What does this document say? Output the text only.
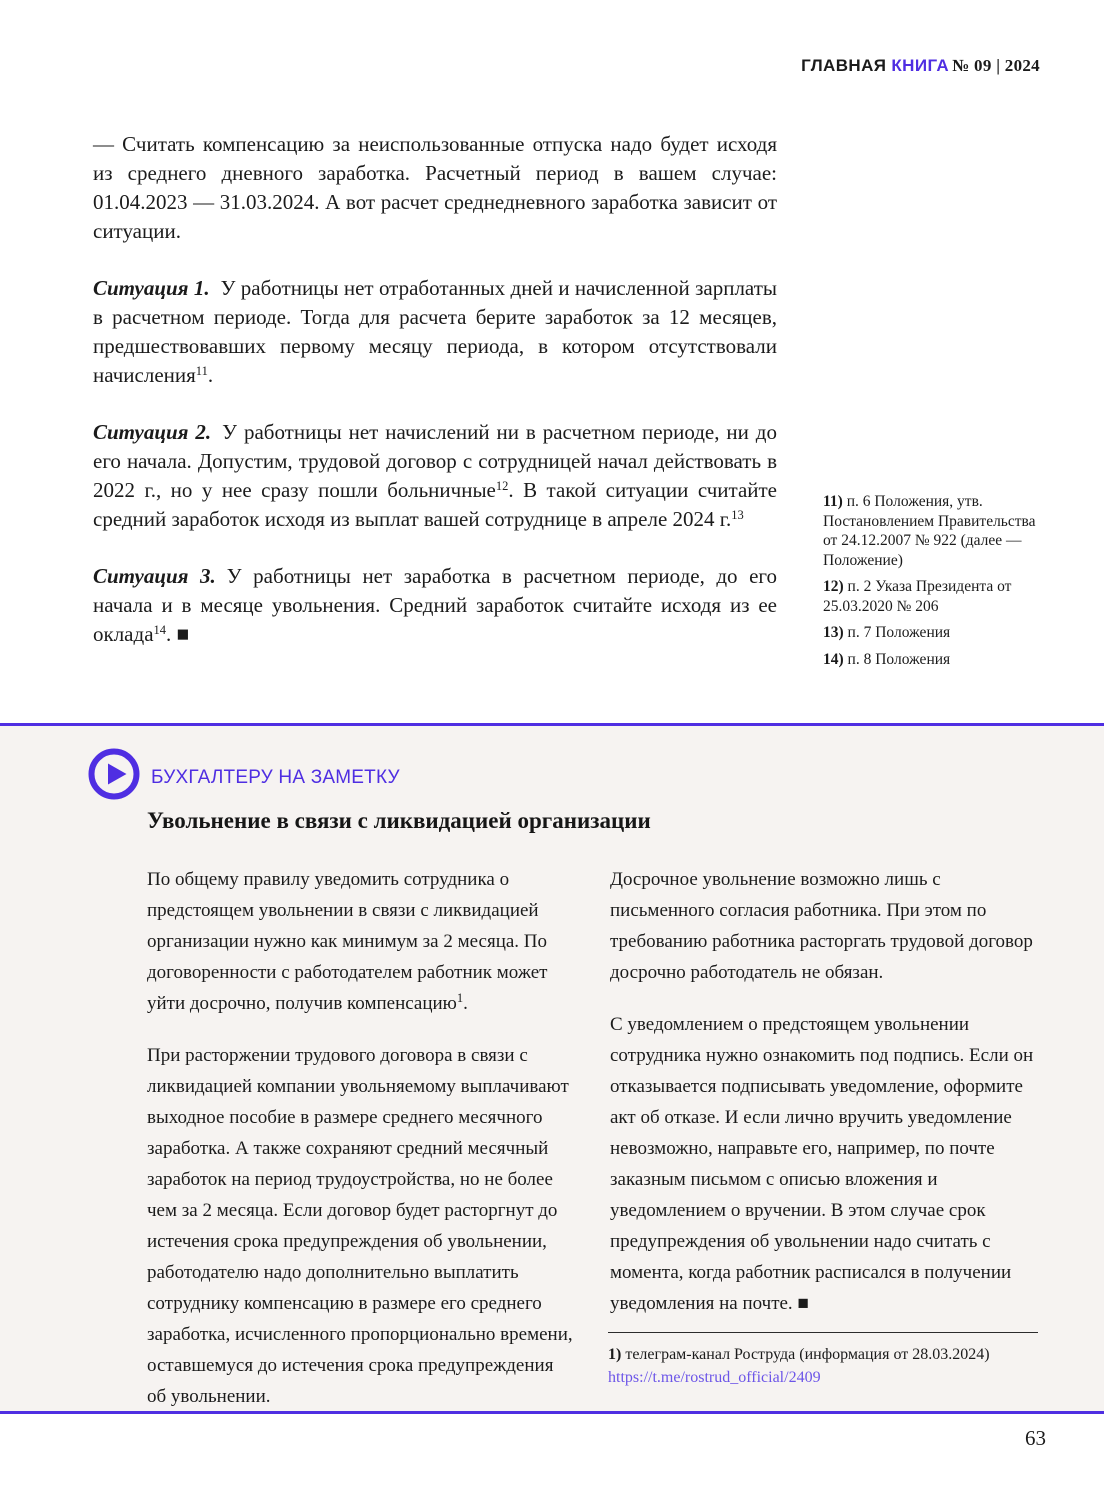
ГЛАВНАЯ КНИГА № 09 | 2024

— Считать компенсацию за неиспользованные отпуска надо будет исходя из среднего дневного заработка. Расчетный период в вашем случае: 01.04.2023 — 31.03.2024. А вот расчет среднедневного заработка зависит от ситуации.

Ситуация 1. У работницы нет отработанных дней и начисленной зарплаты в расчетном периоде. Тогда для расчета берите заработок за 12 месяцев, предшествовавших первому месяцу периода, в котором отсутствовали начисления$^{11}$.

Ситуация 2. У работницы нет начислений ни в расчетном периоде, ни до его начала. Допустим, трудовой договор с сотрудницей начал действовать в 2022 г., но у нее сразу пошли больничные$^{12}$. В такой ситуации считайте средний заработок исходя из выплат вашей сотруднице в апреле 2024 г.$^{13}$

Ситуация 3. У работницы нет заработка в расчетном периоде, до его начала и в месяце увольнения. Средний заработок считайте исходя из ее оклада$^{14}$. ■

11) п. 6 Положения, утв. Постановлением Правительства от 24.12.2007 № 922 (далее — Положение)

12) п. 2 Указа Президента от 25.03.2020 № 206

13) п. 7 Положения

14) п. 8 Положения

БУХГАЛТЕРУ НА ЗАМЕТКУ
Увольнение в связи с ликвидацией организации

По общему правилу уведомить сотрудника о предстоящем увольнении в связи с ликвидацией организации нужно как минимум за 2 месяца. По договоренности с работодателем работник может уйти досрочно, получив компенсацию$^1$.

При расторжении трудового договора в связи с ликвидацией компании увольняемому выплачивают выходное пособие в размере среднего месячного заработка. А также сохраняют средний месячный заработок на период трудоустройства, но не более чем за 2 месяца. Если договор будет расторгнут до истечения срока предупреждения об увольнении, работодателю надо дополнительно выплатить сотруднику компенсацию в размере его среднего заработка, исчисленного пропорционально времени, оставшемуся до истечения срока предупреждения об увольнении.

Досрочное увольнение возможно лишь с письменного согласия работника. При этом по требованию работника расторгать трудовой договор досрочно работодатель не обязан.

С уведомлением о предстоящем увольнении сотрудника нужно ознакомить под подпись. Если он отказывается подписывать уведомление, оформите акт об отказе. И если лично вручить уведомление невозможно, направьте его, например, по почте заказным письмом с описью вложения и уведомлением о вручении. В этом случае срок предупреждения об увольнении надо считать с момента, когда работник расписался в получении уведомления на почте. ■

1) телеграм-канал Роструда (информация от 28.03.2024)
https://t.me/rostrud_official/2409
63
